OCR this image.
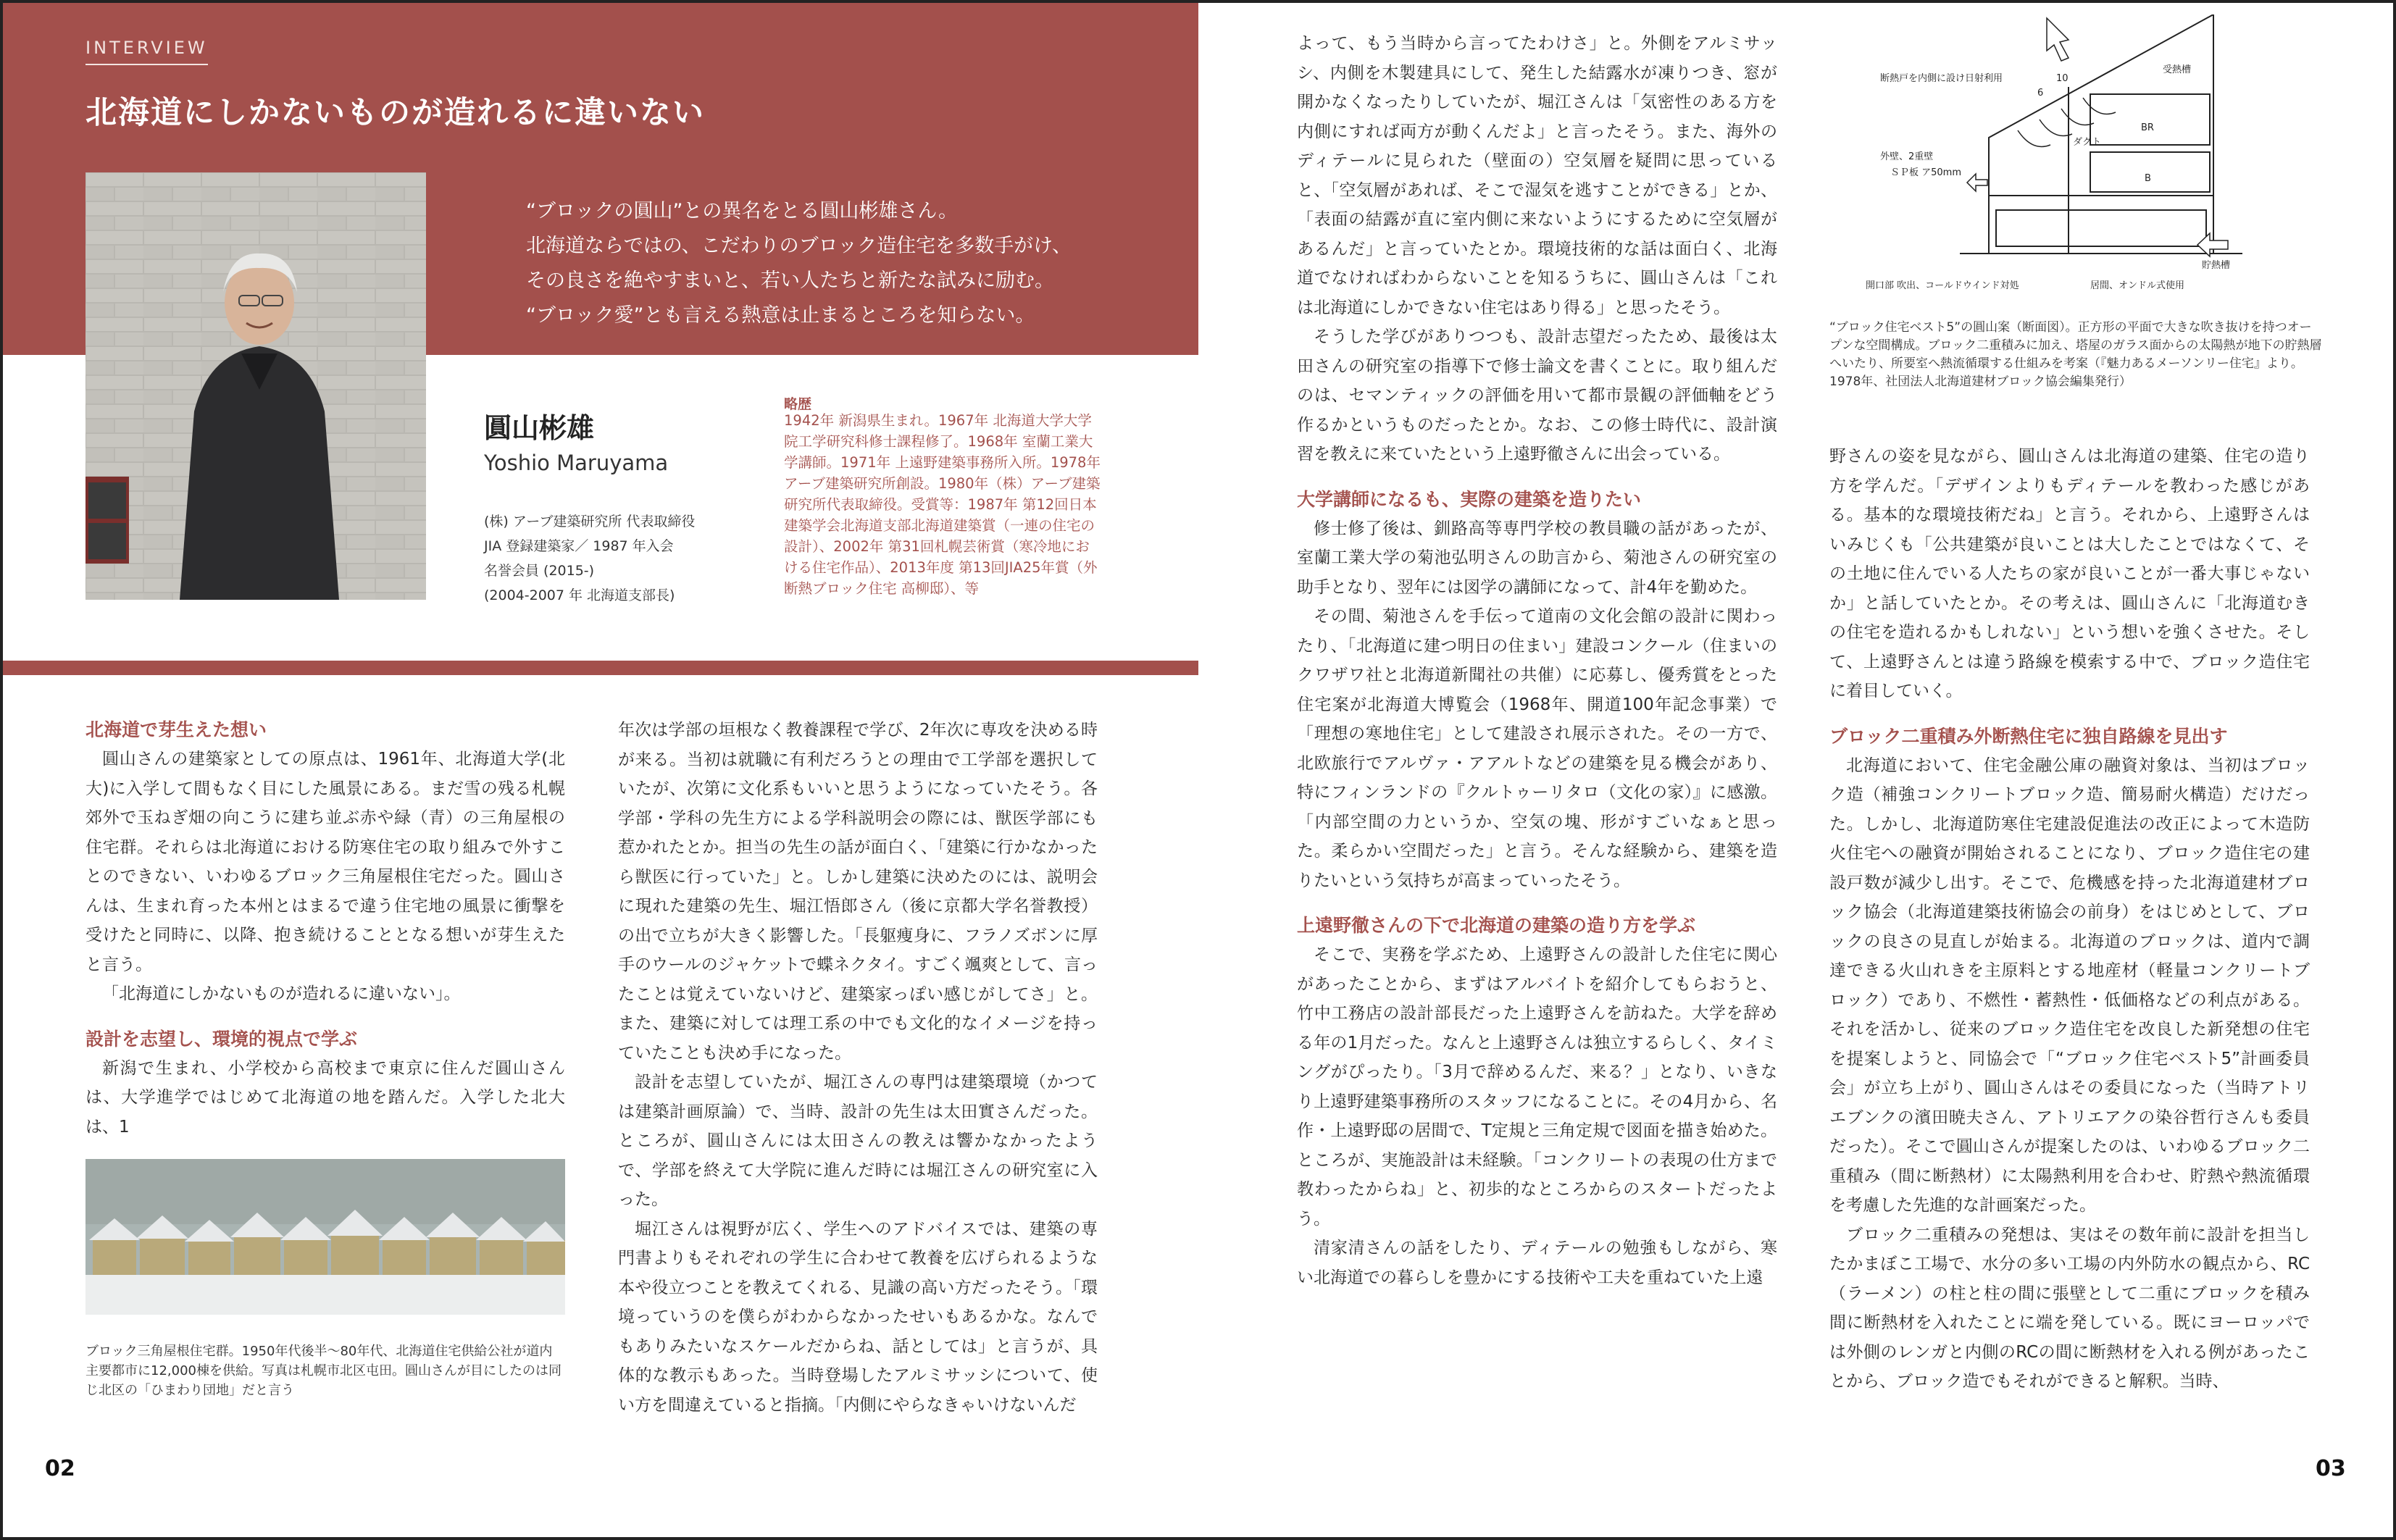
INTERVIEW
北海道にしかないものが造れるに違いない

“ブロックの圓山”との異名をとる圓山彬雄さん。

北海道ならではの、こだわりのブロック造住宅を多数手がけ、

その良さを絶やすまいと、若い人たちと新たな試みに励む。

“ブロック愛”とも言える熱意は止まるところを知らない。

圓山彬雄
Yoshio Maruyama

(株) アーブ建築研究所 代表取締役

JIA 登録建築家／ 1987 年入会

名誉会員 (2015-)

(2004-2007 年 北海道支部長)

略歴
1942年 新潟県生まれ。1967年 北海道大学大学院工学研究科修士課程修了。1968年 室蘭工業大学講師。1971年 上遠野建築事務所入所。1978年 アーブ建築研究所創設。1980年（株）アーブ建築研究所代表取締役。受賞等：1987年 第12回日本建築学会北海道支部北海道建築賞（一連の住宅の設計）、2002年 第31回札幌芸術賞（寒冷地における住宅作品）、2013年度 第13回JIA25年賞（外断熱ブロック住宅 高柳邸）、等
北海道で芽生えた想い

圓山さんの建築家としての原点は、1961年、北海道大学(北大)に入学して間もなく目にした風景にある。まだ雪の残る札幌郊外で玉ねぎ畑の向こうに建ち並ぶ赤や緑（青）の三角屋根の住宅群。それらは北海道における防寒住宅の取り組みで外すことのできない、いわゆるブロック三角屋根住宅だった。圓山さんは、生まれ育った本州とはまるで違う住宅地の風景に衝撃を受けたと同時に、以降、抱き続けることとなる想いが芽生えたと言う。

「北海道にしかないものが造れるに違いない」。

設計を志望し、環境的視点で学ぶ

新潟で生まれ、小学校から高校まで東京に住んだ圓山さんは、大学進学ではじめて北海道の地を踏んだ。入学した北大は、1

ブロック三角屋根住宅群。1950年代後半〜80年代、北海道住宅供給公社が道内主要都市に12,000棟を供給。写真は札幌市北区屯田。圓山さんが目にしたのは同じ北区の「ひまわり団地」だと言う

年次は学部の垣根なく教養課程で学び、2年次に専攻を決める時が来る。当初は就職に有利だろうとの理由で工学部を選択していたが、次第に文化系もいいと思うようになっていたそう。各学部・学科の先生方による学科説明会の際には、獣医学部にも惹かれたとか。担当の先生の話が面白く、「建築に行かなかったら獣医に行っていた」と。しかし建築に決めたのには、説明会に現れた建築の先生、堀江悟郎さん（後に京都大学名誉教授）の出で立ちが大きく影響した。「長躯痩身に、フラノズボンに厚手のウールのジャケットで蝶ネクタイ。すごく颯爽として、言ったことは覚えていないけど、建築家っぽい感じがしてさ」と。また、建築に対しては理工系の中でも文化的なイメージを持っていたことも決め手になった。

設計を志望していたが、堀江さんの専門は建築環境（かつては建築計画原論）で、当時、設計の先生は太田實さんだった。ところが、圓山さんには太田さんの教えは響かなかったようで、学部を終えて大学院に進んだ時には堀江さんの研究室に入った。

堀江さんは視野が広く、学生へのアドバイスでは、建築の専門書よりもそれぞれの学生に合わせて教養を広げられるような本や役立つことを教えてくれる、見識の高い方だったそう。「環境っていうのを僕らがわからなかったせいもあるかな。なんでもありみたいなスケールだからね、話としては」と言うが、具体的な教示もあった。当時登場したアルミサッシについて、使い方を間違えていると指摘。「内側にやらなきゃいけないんだ

よって、もう当時から言ってたわけさ」と。外側をアルミサッシ、内側を木製建具にして、発生した結露水が凍りつき、窓が開かなくなったりしていたが、堀江さんは「気密性のある方を内側にすれば両方が動くんだよ」と言ったそう。また、海外のディテールに見られた（壁面の）空気層を疑問に思っていると、「空気層があれば、そこで湿気を逃すことができる」とか、「表面の結露が直に室内側に来ないようにするために空気層があるんだ」と言っていたとか。環境技術的な話は面白く、北海道でなければわからないことを知るうちに、圓山さんは「これは北海道にしかできない住宅はあり得る」と思ったそう。

そうした学びがありつつも、設計志望だったため、最後は太田さんの研究室の指導下で修士論文を書くことに。取り組んだのは、セマンティックの評価を用いて都市景観の評価軸をどう作るかというものだったとか。なお、この修士時代に、設計演習を教えに来ていたという上遠野徹さんに出会っている。

大学講師になるも、実際の建築を造りたい

修士修了後は、釧路高等専門学校の教員職の話があったが、室蘭工業大学の菊池弘明さんの助言から、菊池さんの研究室の助手となり、翌年には図学の講師になって、計4年を勤めた。

その間、菊池さんを手伝って道南の文化会館の設計に関わったり、「北海道に建つ明日の住まい」建設コンクール（住まいのクワザワ社と北海道新聞社の共催）に応募し、優秀賞をとった住宅案が北海道大博覧会（1968年、開道100年記念事業）で「理想の寒地住宅」として建設され展示された。その一方で、北欧旅行でアルヴァ・アアルトなどの建築を見る機会があり、特にフィンランドの『クルトゥーリタロ（文化の家）』に感激。「内部空間の力というか、空気の塊、形がすごいなぁと思った。柔らかい空間だった」と言う。そんな経験から、建築を造りたいという気持ちが高まっていったそう。

上遠野徹さんの下で北海道の建築の造り方を学ぶ

そこで、実務を学ぶため、上遠野さんの設計した住宅に関心があったことから、まずはアルバイトを紹介してもらおうと、竹中工務店の設計部長だった上遠野さんを訪ねた。大学を辞める年の1月だった。なんと上遠野さんは独立するらしく、タイミングがぴったり。「3月で辞めるんだ、来る？」となり、いきなり上遠野建築事務所のスタッフになることに。その4月から、名作・上遠野邸の居間で、T定規と三角定規で図面を描き始めた。ところが、実施設計は未経験。「コンクリートの表現の仕方まで教わったからね」と、初歩的なところからのスタートだったよう。

清家清さんの話をしたり、ディテールの勉強もしながら、寒い北海道での暮らしを豊かにする技術や工夫を重ねていた上遠

断熱戸を内側に設け日射利用
受熱槽
10
6
ダクト
BR
B
外壁、2重壁
ＳＰ板 ア50mm
貯熱槽
開口部 吹出、コールドウインド対処	居間、オンドル式使用
“ブロック住宅ベスト5”の圓山案（断面図）。正方形の平面で大きな吹き抜けを持つオープンな空間構成。ブロック二重積みに加え、塔屋のガラス面からの太陽熱が地下の貯熱層へいたり、所要室へ熱流循環する仕組みを考案（『魅力あるメーソンリー住宅』より。1978年、社団法人北海道建材ブロック協会編集発行）

野さんの姿を見ながら、圓山さんは北海道の建築、住宅の造り方を学んだ。「デザインよりもディテールを教わった感じがある。基本的な環境技術だね」と言う。それから、上遠野さんはいみじくも「公共建築が良いことは大したことではなくて、その土地に住んでいる人たちの家が良いことが一番大事じゃないか」と話していたとか。その考えは、圓山さんに「北海道むきの住宅を造れるかもしれない」という想いを強くさせた。そして、上遠野さんとは違う路線を模索する中で、ブロック造住宅に着目していく。

ブロック二重積み外断熱住宅に独自路線を見出す

北海道において、住宅金融公庫の融資対象は、当初はブロック造（補強コンクリートブロック造、簡易耐火構造）だけだった。しかし、北海道防寒住宅建設促進法の改正によって木造防火住宅への融資が開始されることになり、ブロック造住宅の建設戸数が減少し出す。そこで、危機感を持った北海道建材ブロック協会（北海道建築技術協会の前身）をはじめとして、ブロックの良さの見直しが始まる。北海道のブロックは、道内で調達できる火山れきを主原料とする地産材（軽量コンクリートブロック）であり、不燃性・蓄熱性・低価格などの利点がある。それを活かし、従来のブロック造住宅を改良した新発想の住宅を提案しようと、同協会で「“ブロック住宅ベスト5”計画委員会」が立ち上がり、圓山さんはその委員になった（当時アトリエブンクの濱田暁夫さん、アトリエアクの染谷哲行さんも委員だった）。そこで圓山さんが提案したのは、いわゆるブロック二重積み（間に断熱材）に太陽熱利用を合わせ、貯熱や熱流循環を考慮した先進的な計画案だった。

ブロック二重積みの発想は、実はその数年前に設計を担当したかまぼこ工場で、水分の多い工場の内外防水の観点から、RC（ラーメン）の柱と柱の間に張壁として二重にブロックを積み間に断熱材を入れたことに端を発している。既にヨーロッパでは外側のレンガと内側のRCの間に断熱材を入れる例があったことから、ブロック造でもそれができると解釈。当時、

02	03
